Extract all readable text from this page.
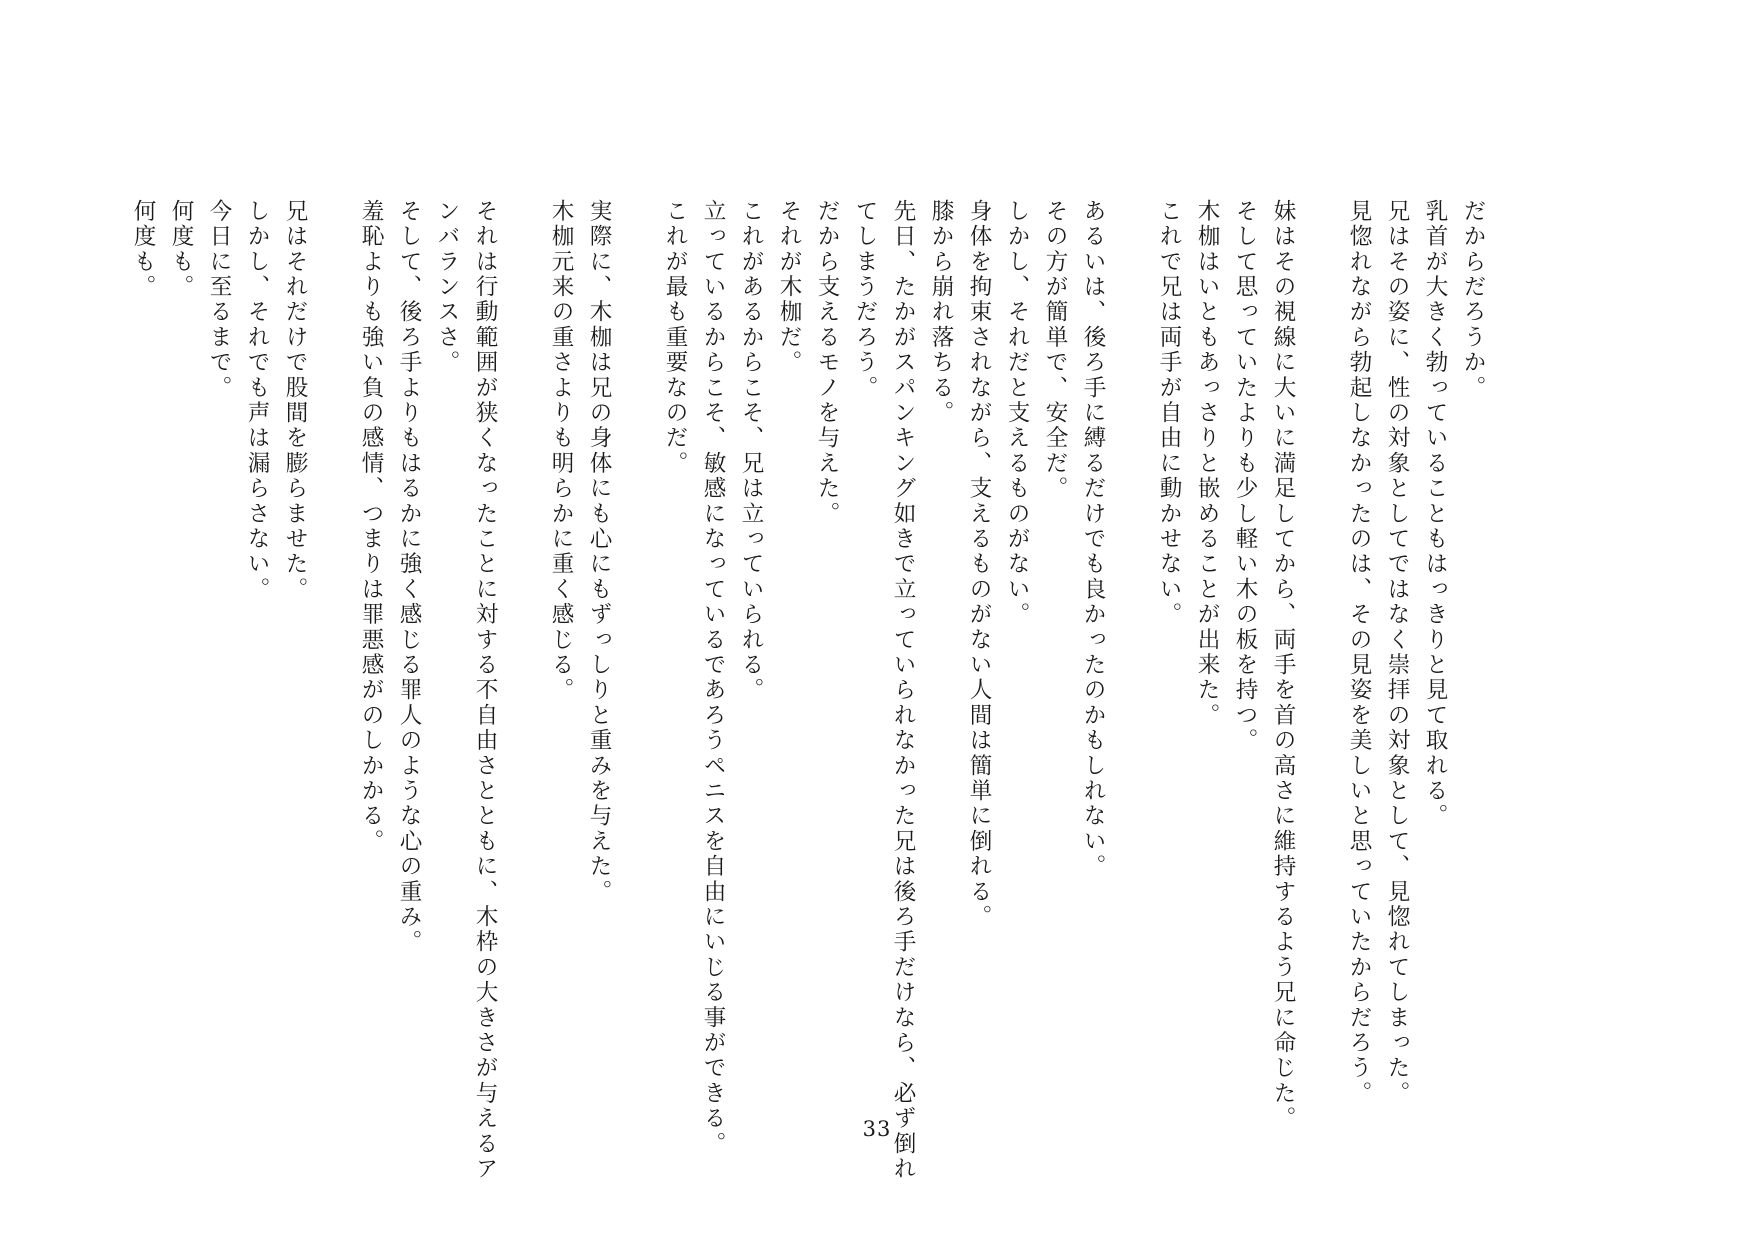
だからだろうか。

乳首が大きく勃っていることもはっきりと見て取れる。

兄はその姿に、性の対象としてではなく崇拝の対象として、見惚れてしまった。

見惚れながら勃起しなかったのは、その見姿を美しいと思っていたからだろう。

妹はその視線に大いに満足してから、両手を首の高さに維持するよう兄に命じた。

そして思っていたよりも少し軽い木の板を持つ。

木枷はいともあっさりと嵌めることが出来た。

これで兄は両手が自由に動かせない。

あるいは、後ろ手に縛るだけでも良かったのかもしれない。

その方が簡単で、安全だ。

しかし、それだと支えるものがない。

身体を拘束されながら、支えるものがない人間は簡単に倒れる。

膝から崩れ落ちる。

先日、たかがスパンキング如きで立っていられなかった兄は後ろ手だけなら、必ず倒れ

てしまうだろう。

だから支えるモノを与えた。

それが木枷だ。

これがあるからこそ、兄は立っていられる。

立っているからこそ、敏感になっているであろうペニスを自由にいじる事ができる。

これが最も重要なのだ。

実際に、木枷は兄の身体にも心にもずっしりと重みを与えた。

木枷元来の重さよりも明らかに重く感じる。

それは行動範囲が狭くなったことに対する不自由さとともに、木枠の大きさが与えるア

ンバランスさ。

そして、後ろ手よりもはるかに強く感じる罪人のような心の重み。

羞恥よりも強い負の感情、つまりは罪悪感がのしかかる。

兄はそれだけで股間を膨らませた。

しかし、それでも声は漏らさない。

今日に至るまで。

何度も。

何度も。

33
